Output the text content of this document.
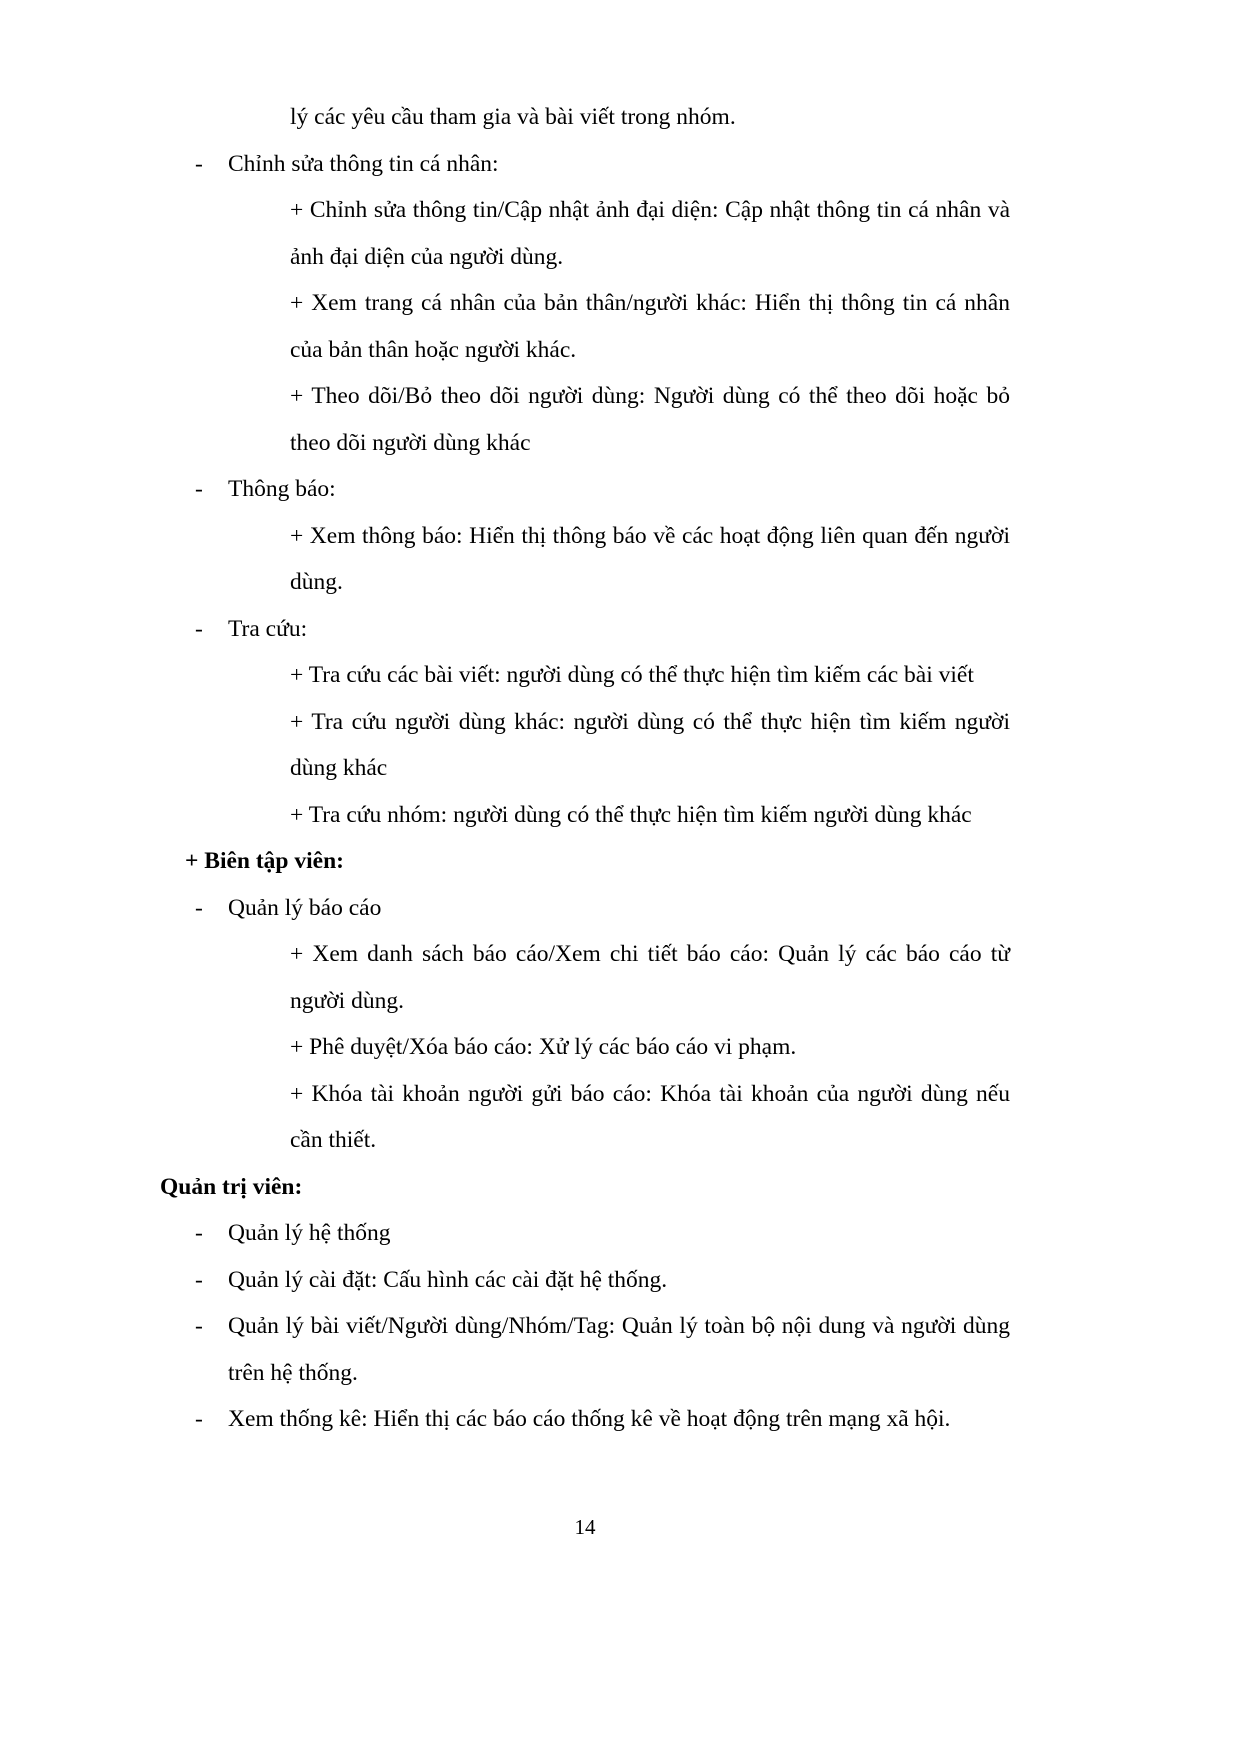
lý các yêu cầu tham gia và bài viết trong nhóm.
- Chỉnh sửa thông tin cá nhân:
+ Chỉnh sửa thông tin/Cập nhật ảnh đại diện: Cập nhật thông tin cá nhân và ảnh đại diện của người dùng.
+ Xem trang cá nhân của bản thân/người khác: Hiển thị thông tin cá nhân của bản thân hoặc người khác.
+ Theo dõi/Bỏ theo dõi người dùng: Người dùng có thể theo dõi hoặc bỏ theo dõi người dùng khác
- Thông báo:
+ Xem thông báo: Hiển thị thông báo về các hoạt động liên quan đến người dùng.
- Tra cứu:
+ Tra cứu các bài viết: người dùng có thể thực hiện tìm kiếm các bài viết
+ Tra cứu người dùng khác: người dùng có thể thực hiện tìm kiếm người dùng khác
+ Tra cứu nhóm: người dùng có thể thực hiện tìm kiếm người dùng khác
+ Biên tập viên:
- Quản lý báo cáo
+ Xem danh sách báo cáo/Xem chi tiết báo cáo: Quản lý các báo cáo từ người dùng.
+ Phê duyệt/Xóa báo cáo: Xử lý các báo cáo vi phạm.
+ Khóa tài khoản người gửi báo cáo: Khóa tài khoản của người dùng nếu cần thiết.
Quản trị viên:
- Quản lý hệ thống
- Quản lý cài đặt: Cấu hình các cài đặt hệ thống.
- Quản lý bài viết/Người dùng/Nhóm/Tag: Quản lý toàn bộ nội dung và người dùng trên hệ thống.
- Xem thống kê: Hiển thị các báo cáo thống kê về hoạt động trên mạng xã hội.
14
